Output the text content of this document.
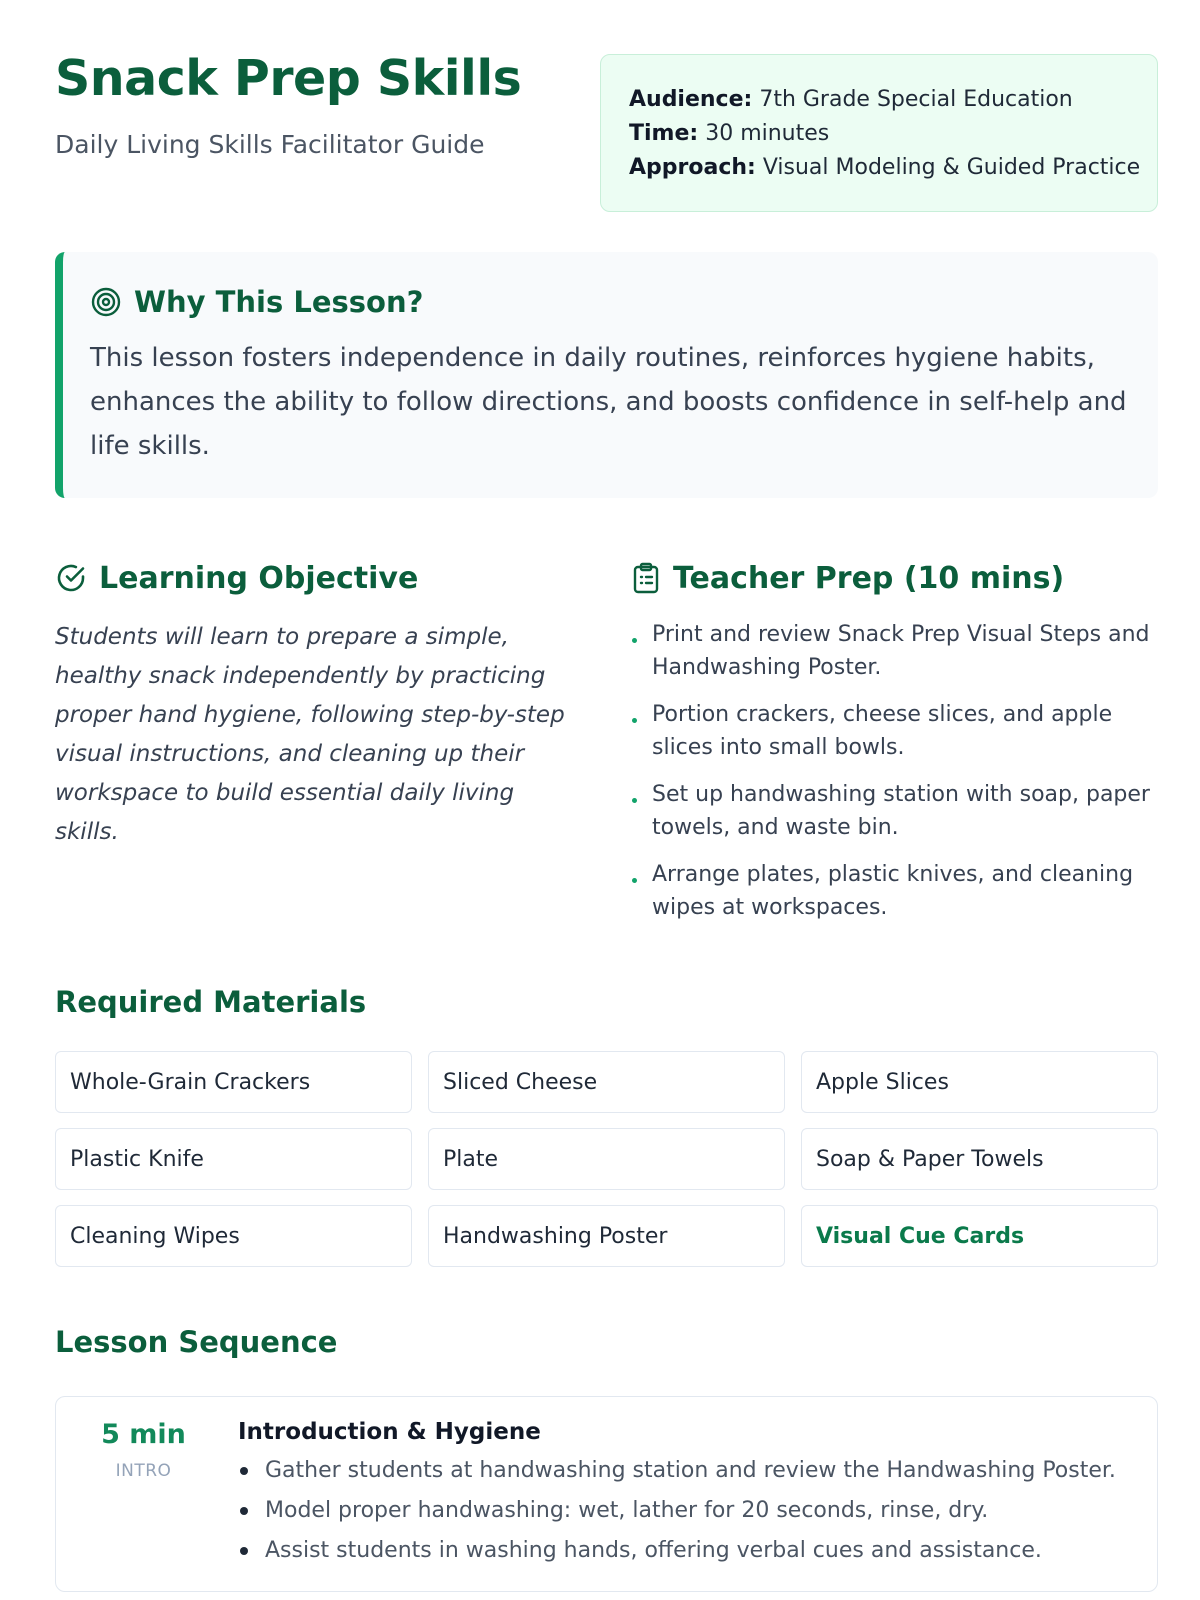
Snack Prep Skills
Daily Living Skills Facilitator Guide
Audience: 7th Grade Special Education
Time: 30 minutes
Approach: Visual Modeling & Guided Practice
Why This Lesson?

This lesson fosters independence in daily routines, reinforces hygiene habits, enhances the ability to follow directions, and boosts confidence in self-help and life skills.

Learning Objective

Students will learn to prepare a simple, healthy snack independently by practicing proper hand hygiene, following step-by-step visual instructions, and cleaning up their workspace to build essential daily living skills.

Teacher Prep (10 mins)
Print and review Snack Prep Visual Steps and Handwashing Poster.
Portion crackers, cheese slices, and apple slices into small bowls.
Set up handwashing station with soap, paper towels, and waste bin.
Arrange plates, plastic knives, and cleaning wipes at workspaces.
Required Materials
Whole-Grain Crackers	Sliced Cheese	Apple Slices
Plastic Knife	Plate	Soap & Paper Towels
Cleaning Wipes	Handwashing Poster	Visual Cue Cards
Lesson Sequence
5 min
INTRO
Introduction & Hygiene
Gather students at handwashing station and review the Handwashing Poster.
Model proper handwashing: wet, lather for 20 seconds, rinse, dry.
Assist students in washing hands, offering verbal cues and assistance.
